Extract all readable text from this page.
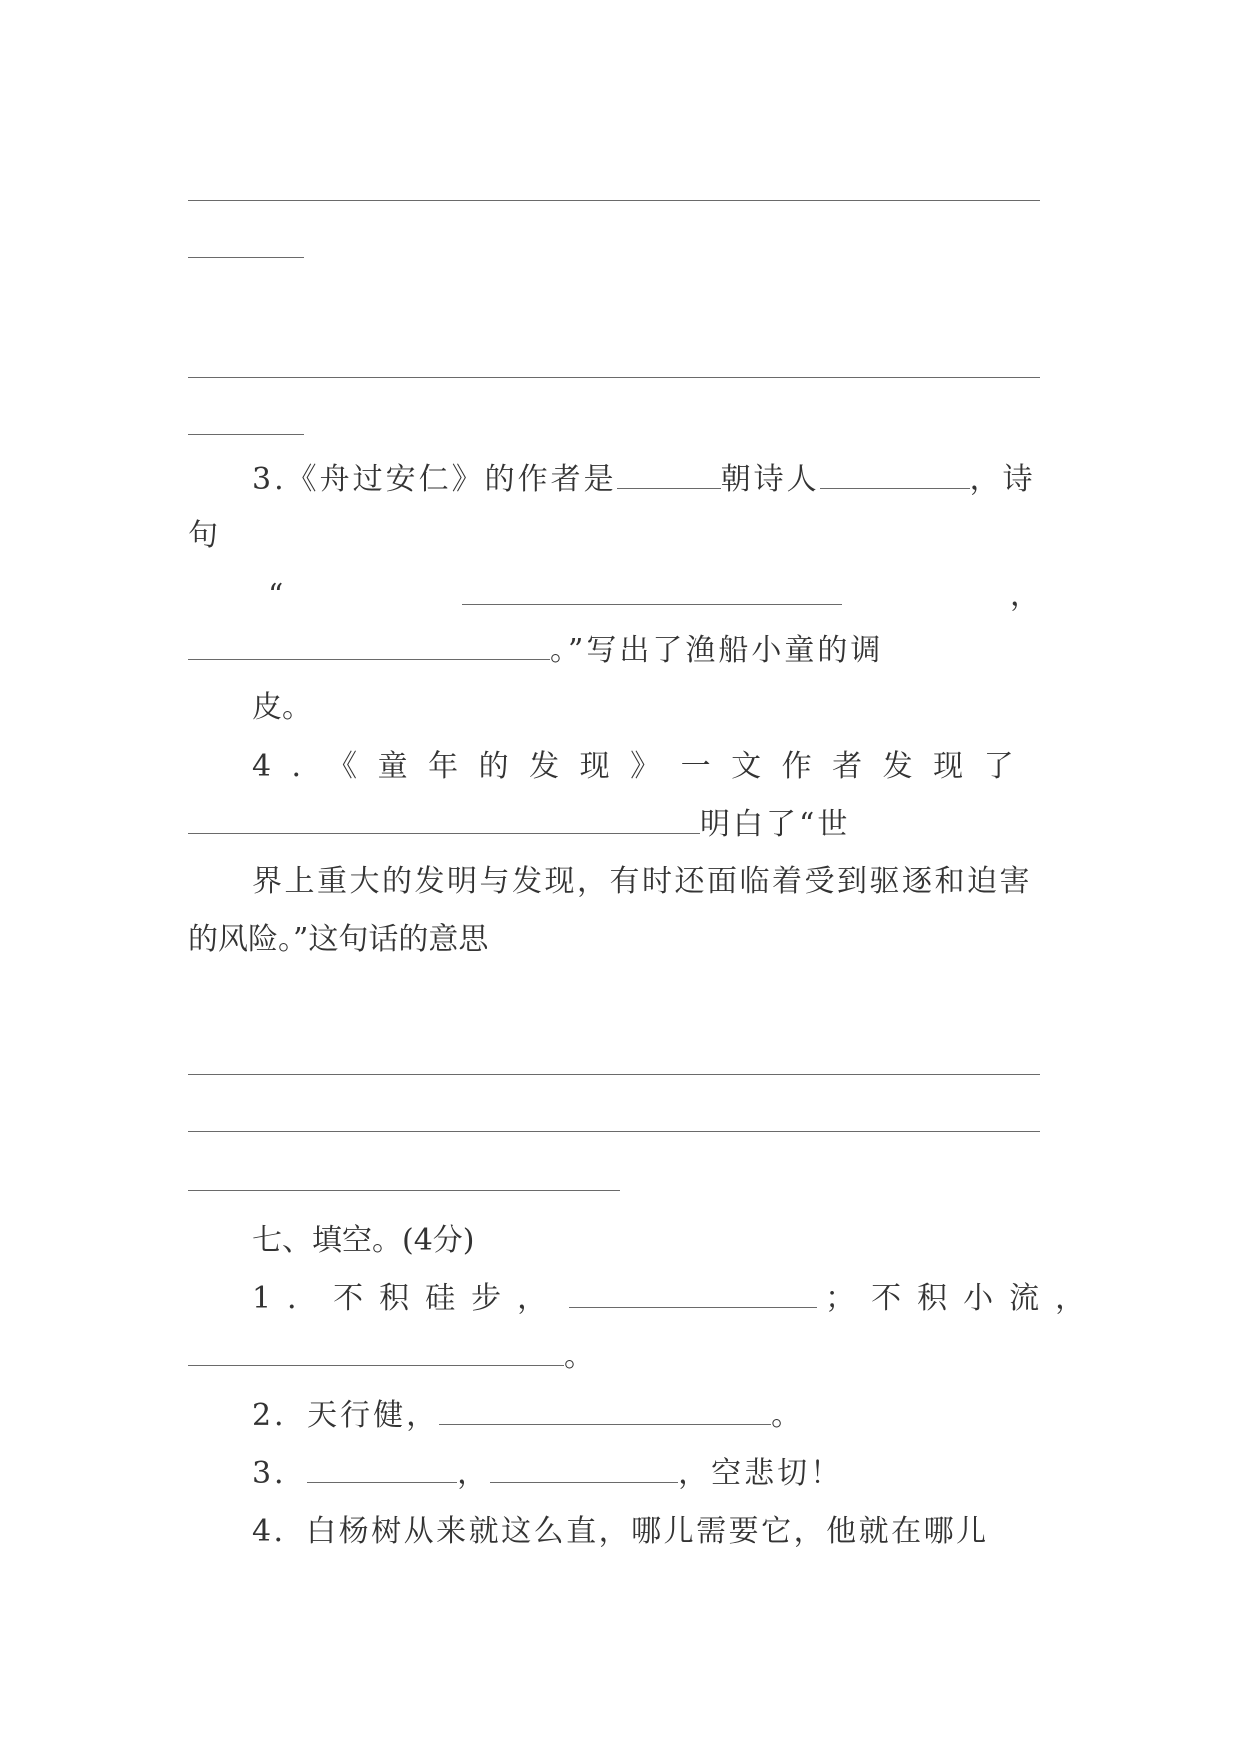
3.《舟过安仁》的作者是	朝诗人	，诗
句
“	，
。”写出了渔船小童的调
皮。
4．《童年的发现》一文作者发现了
明白了“世
界上重大的发明与发现，有时还面临着受到驱逐和迫害
的风险。”这句话的意思
七、填空。(4分)
1．不积硅步，	；不积小流，
。
2．天行健，	。
3．	，	，空悲切！
4．白杨树从来就这么直，哪儿需要它，他就在哪儿
